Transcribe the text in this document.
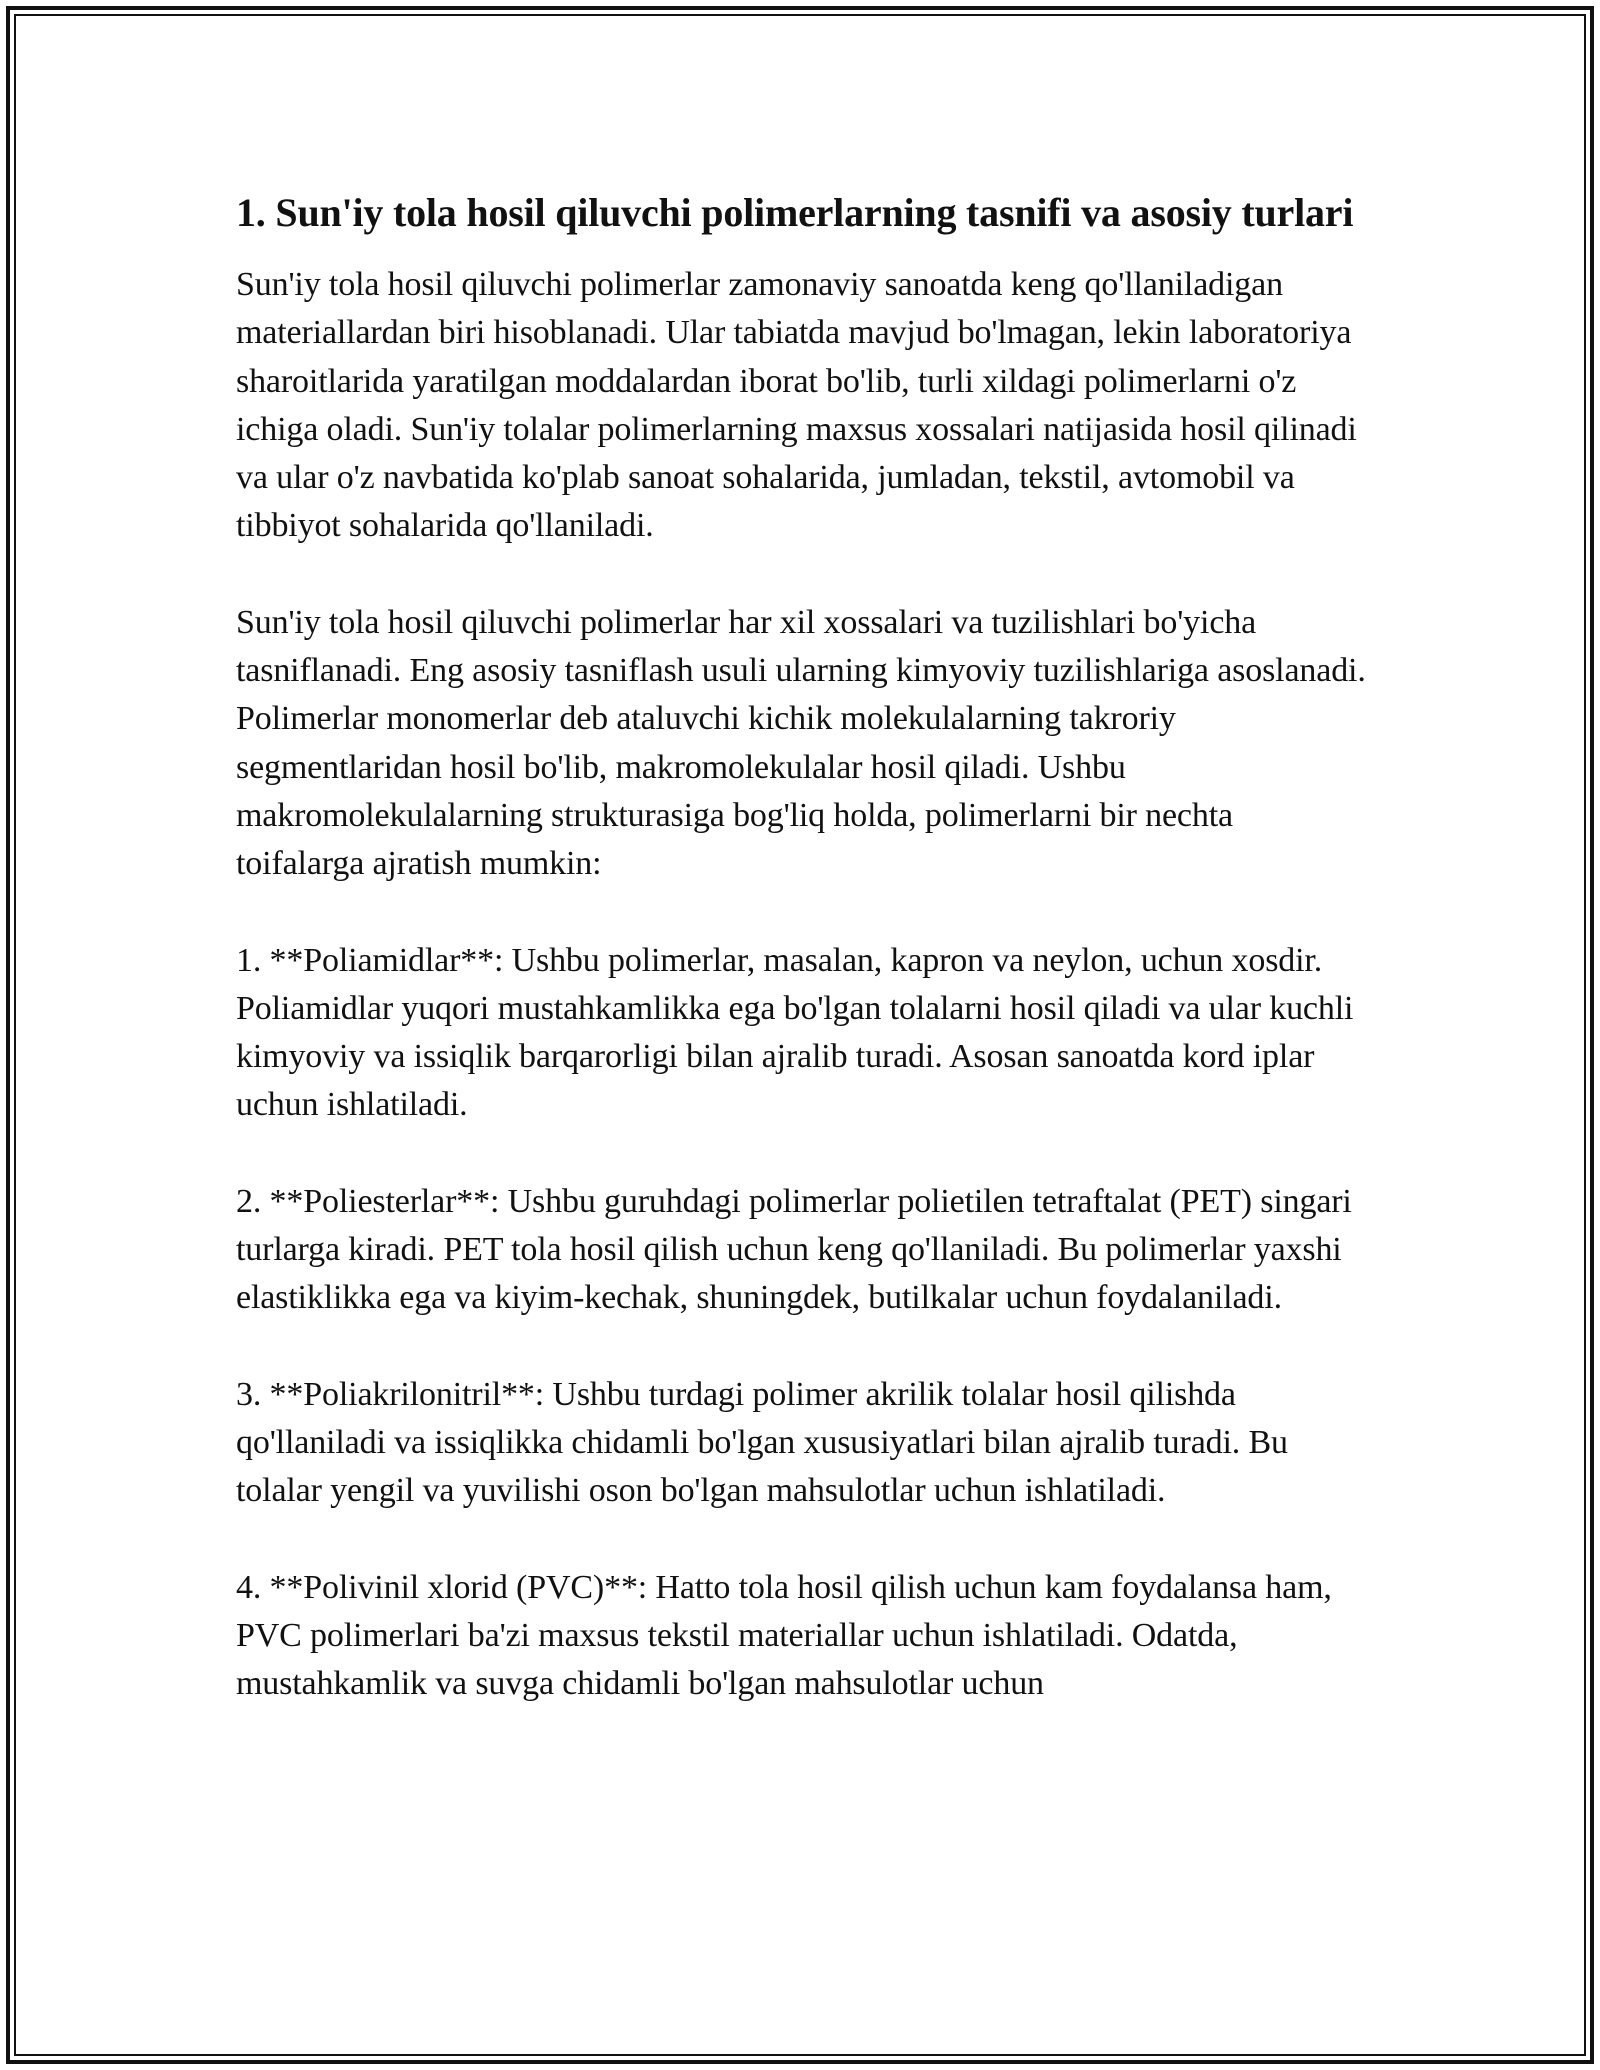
1. Sun'iy tola hosil qiluvchi polimerlarning tasnifi va asosiy turlari

Sun'iy tola hosil qiluvchi polimerlar zamonaviy sanoatda keng qo'llaniladigan materiallardan biri hisoblanadi. Ular tabiatda mavjud bo'lmagan, lekin laboratoriya sharoitlarida yaratilgan moddalardan iborat bo'lib, turli xildagi polimerlarni o'z ichiga oladi. Sun'iy tolalar polimerlarning maxsus xossalari natijasida hosil qilinadi va ular o'z navbatida ko'plab sanoat sohalarida, jumladan, tekstil, avtomobil va tibbiyot sohalarida qo'llaniladi.

Sun'iy tola hosil qiluvchi polimerlar har xil xossalari va tuzilishlari bo'yicha tasniflanadi. Eng asosiy tasniflash usuli ularning kimyoviy tuzilishlariga asoslanadi. Polimerlar monomerlar deb ataluvchi kichik molekulalarning takroriy segmentlaridan hosil bo'lib, makromolekulalar hosil qiladi. Ushbu makromolekulalarning strukturasiga bog'liq holda, polimerlarni bir nechta toifalarga ajratish mumkin:

1. **Poliamidlar**: Ushbu polimerlar, masalan, kapron va neylon, uchun xosdir. Poliamidlar yuqori mustahkamlikka ega bo'lgan tolalarni hosil qiladi va ular kuchli kimyoviy va issiqlik barqarorligi bilan ajralib turadi. Asosan sanoatda kord iplar uchun ishlatiladi.

2. **Poliesterlar**: Ushbu guruhdagi polimerlar polietilen tetraftalat (PET) singari turlarga kiradi. PET tola hosil qilish uchun keng qo'llaniladi. Bu polimerlar yaxshi elastiklikka ega va kiyim-kechak, shuningdek, butilkalar uchun foydalaniladi.

3. **Poliakrilonitril**: Ushbu turdagi polimer akrilik tolalar hosil qilishda qo'llaniladi va issiqlikka chidamli bo'lgan xususiyatlari bilan ajralib turadi. Bu tolalar yengil va yuvilishi oson bo'lgan mahsulotlar uchun ishlatiladi.

4. **Polivinil xlorid (PVC)**: Hatto tola hosil qilish uchun kam foydalansa ham, PVC polimerlari ba'zi maxsus tekstil materiallar uchun ishlatiladi. Odatda, mustahkamlik va suvga chidamli bo'lgan mahsulotlar uchun
